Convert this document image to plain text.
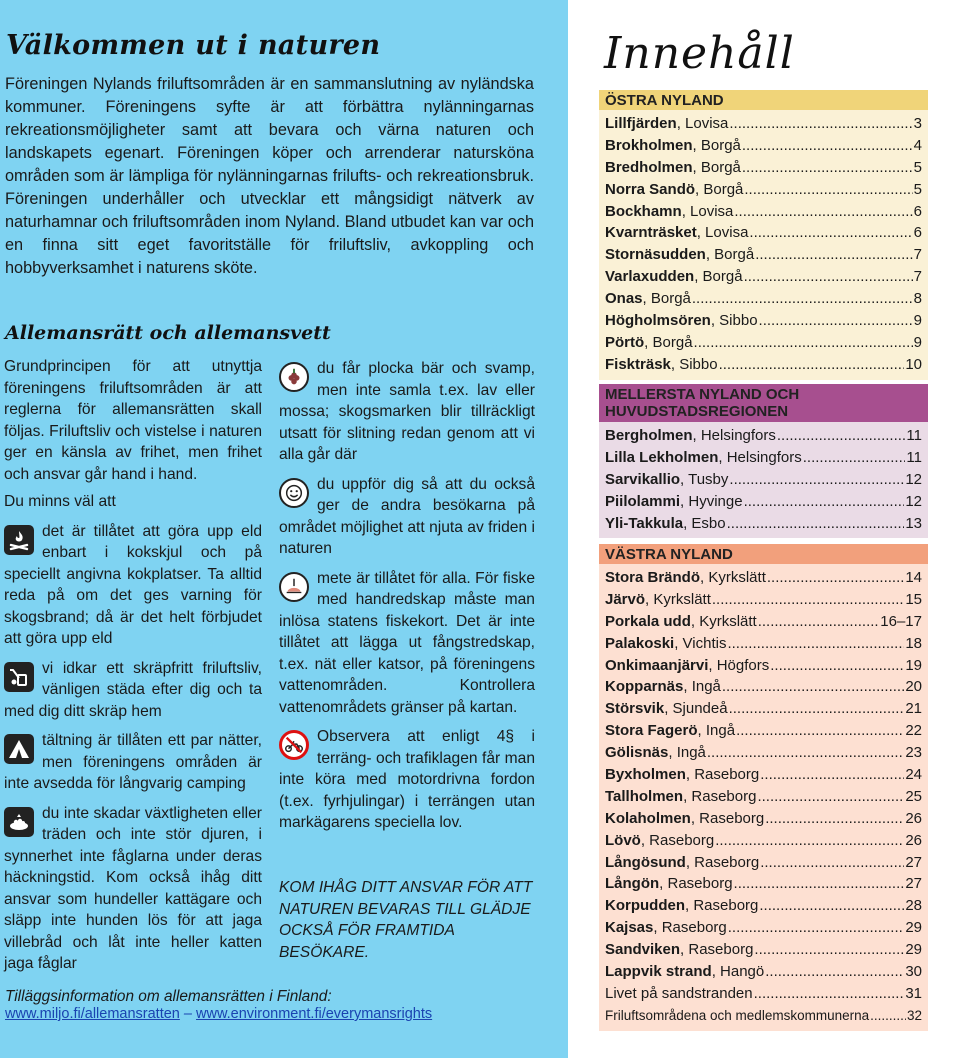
Välkommen ut i naturen

Föreningen Nylands friluftsområden är en sammanslutning av nyländska kommuner. Föreningens syfte är att förbättra nylänningarnas rekreationsmöjligheter samt att bevara och värna naturen och landskapets egenart. Föreningen köper och arrenderar natursköna områden som är lämpliga för nylänningarnas frilufts- och rekreationsbruk. Föreningen underhåller och utvecklar ett mångsidigt nätverk av naturhamnar och friluftsområden inom Nyland. Bland utbudet kan var och en finna sitt eget favoritställe för friluftsliv, avkoppling och hobbyverksamhet i naturens sköte.

Allemansrätt och allemansvett

Grundprincipen för att utnyttja föreningens friluftsområden är att reglerna för allemansrätten skall följas. Friluftsliv och vistelse i naturen ger en känsla av frihet, men frihet och ansvar går hand i hand.

Du minns väl att

det är tillåtet att göra upp eld enbart i kokskjul och på speciellt angivna kokplatser. Ta alltid reda på om det ges varning för skogsbrand; då är det helt förbjudet att göra upp eld
vi idkar ett skräpfritt friluftsliv, vänligen städa efter dig och ta med dig ditt skräp hem
tältning är tillåten ett par nätter, men föreningens områden är inte avsedda för långvarig camping
du inte skadar växtligheten eller träden och inte stör djuren, i synnerhet inte fåglarna under deras häckningstid. Kom också ihåg ditt ansvar som hundeller kattägare och släpp inte hunden lös för att jaga villebråd och låt inte heller katten jaga fåglar
du får plocka bär och svamp, men inte samla t.ex. lav eller mossa; skogsmarken blir tillräckligt utsatt för slitning redan genom att vi alla går där
du uppför dig så att du också ger de andra besökarna på området möjlighet att njuta av friden i naturen
mete är tillåtet för alla. För fiske med handredskap måste man inlösa statens fiskekort. Det är inte tillåtet att lägga ut fångstredskap, t.ex. nät eller katsor, på föreningens vattenområden. Kontrollera vattenområdets gränser på kartan.
Observera att enligt 4§ i terräng- och trafiklagen får man inte köra med motordrivna fordon (t.ex. fyrhjulingar) i terrängen utan markägarens speciella lov.
KOM IHÅG DITT ANSVAR FÖR ATT NATUREN BEVARAS TILL GLÄDJE OCKSÅ FÖR FRAMTIDA BESÖKARE.
Tilläggsinformation om allemansrätten i Finland:
www.miljo.fi/allemansratten – www.environment.fi/everymansrights
Innehåll
ÖSTRA NYLAND
Lillfjärden , Lovisa .....	3
Brokholmen , Borgå .....	4
Bredholmen , Borgå .....	5
Norra Sandö , Borgå .....	5
Bockhamn , Lovisa .....	6
Kvarnträsket , Lovisa .....	6
Stornäsudden , Borgå .....	7
Varlaxudden , Borgå .....	7
Onas , Borgå .....	8
Högholmsören , Sibbo .....	9
Pörtö , Borgå .....	9
Fiskträsk , Sibbo .....	10
MELLERSTA NYLAND OCH HUVUDSTADSREGIONEN
Bergholmen , Helsingfors .....	11
Lilla Lekholmen , Helsingfors .....	11
Sarvikallio , Tusby .....	12
Piilolammi , Hyvinge .....	12
Yli-Takkula , Esbo .....	13
VÄSTRA NYLAND
Stora Brändö , Kyrkslätt .....	14
Järvö , Kyrkslätt .....	15
Porkala udd , Kyrkslätt .....	16–17
Palakoski , Vichtis .....	18
Onkimaanjärvi , Högfors .....	19
Kopparnäs , Ingå .....	20
Störsvik , Sjundeå .....	21
Stora Fagerö , Ingå .....	22
Gölisnäs , Ingå .....	23
Byxholmen , Raseborg .....	24
Tallholmen , Raseborg .....	25
Kolaholmen , Raseborg .....	26
Lövö , Raseborg .....	26
Långösund , Raseborg .....	27
Långön , Raseborg .....	27
Korpudden , Raseborg .....	28
Kajsas , Raseborg .....	29
Sandviken , Raseborg .....	29
Lappvik strand , Hangö .....	30
Livet på sandstranden .....	31
Friluftsområdena och medlemskommunerna .....	32
